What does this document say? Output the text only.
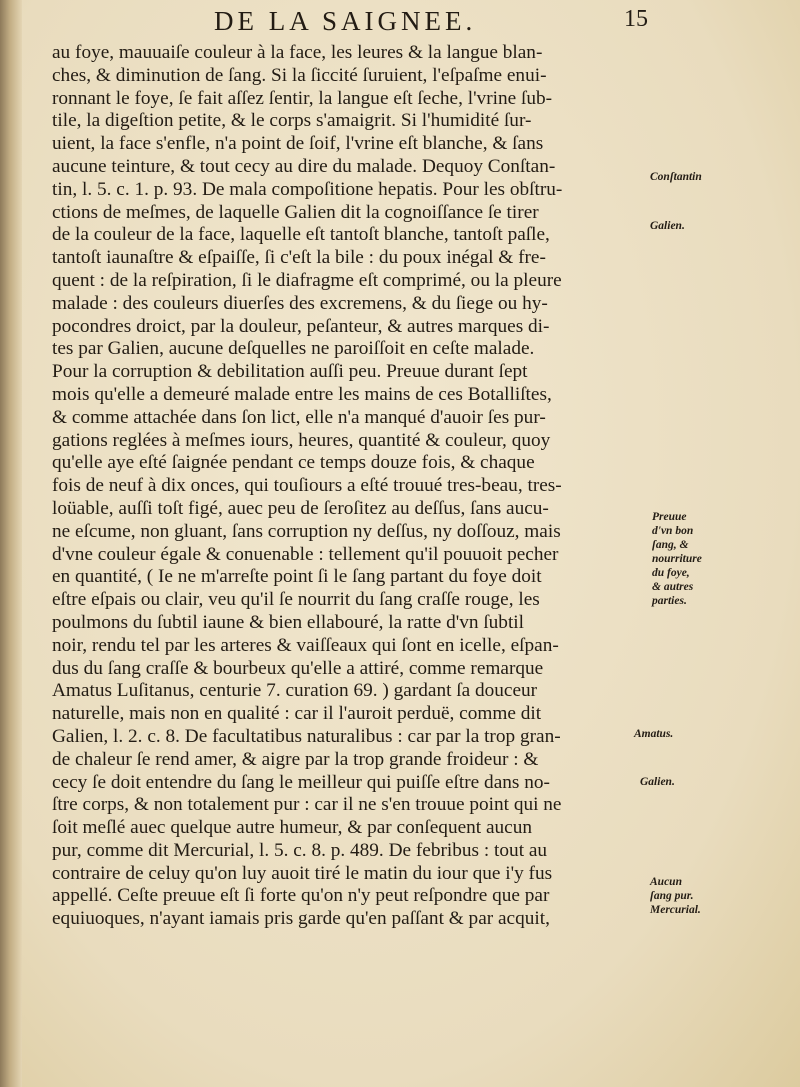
DE LA SAIGNEE.	15
au foye, mauuaiſe couleur à la face, les leures & la langue blan-
ches, & diminution de ſang. Si la ſiccité ſuruient, l'eſpaſme enui-
ronnant le foye, ſe fait aſſez ſentir, la langue eſt ſeche, l'vrine ſub-
tile, la digeſtion petite, & le corps s'amaigrit. Si l'humidité ſur-
uient, la face s'enfle, n'a point de ſoif, l'vrine eſt blanche, & ſans
aucune teinture, & tout cecy au dire du malade. Dequoy Conſtan-
tin, l. 5. c. 1. p. 93. De mala compoſitione hepatis. Pour les obſtru-
ctions de meſmes, de laquelle Galien dit la cognoiſſance ſe tirer
de la couleur de la face, laquelle eſt tantoſt blanche, tantoſt paſle,
tantoſt iaunaſtre & eſpaiſſe, ſi c'eſt la bile : du poux inégal & fre-
quent : de la reſpiration, ſi le diafragme eſt comprimé, ou la pleure
malade : des couleurs diuerſes des excremens, & du ſiege ou hy-
pocondres droict, par la douleur, peſanteur, & autres marques di-
tes par Galien, aucune deſquelles ne paroiſſoit en ceſte malade.
Pour la corruption & debilitation auſſi peu. Preuue durant ſept
mois qu'elle a demeuré malade entre les mains de ces Botalliſtes,
& comme attachée dans ſon lict, elle n'a manqué d'auoir ſes pur-
gations reglées à meſmes iours, heures, quantité & couleur, quoy
qu'elle aye eſté ſaignée pendant ce temps douze fois, & chaque
fois de neuf à dix onces, qui touſiours a eſté trouué tres-beau, tres-
loüable, auſſi toſt figé, auec peu de ſeroſitez au deſſus, ſans aucu-
ne eſcume, non gluant, ſans corruption ny deſſus, ny doſſouz, mais
d'vne couleur égale & conuenable : tellement qu'il pouuoit pecher
en quantité, ( Ie ne m'arreſte point ſi le ſang partant du foye doit
eſtre eſpais ou clair, veu qu'il ſe nourrit du ſang craſſe rouge, les
poulmons du ſubtil iaune & bien ellabouré, la ratte d'vn ſubtil
noir, rendu tel par les arteres & vaiſſeaux qui ſont en icelle, eſpan-
dus du ſang craſſe & bourbeux qu'elle a attiré, comme remarque
Amatus Luſitanus, centurie 7. curation 69. ) gardant ſa douceur
naturelle, mais non en qualité : car il l'auroit perduë, comme dit
Galien, l. 2. c. 8. De facultatibus naturalibus : car par la trop gran-
de chaleur ſe rend amer, & aigre par la trop grande froideur : &
cecy ſe doit entendre du ſang le meilleur qui puiſſe eſtre dans no-
ſtre corps, & non totalement pur : car il ne s'en trouue point qui ne
ſoit meſlé auec quelque autre humeur, & par conſequent aucun
pur, comme dit Mercurial, l. 5. c. 8. p. 489. De febribus : tout au
contraire de celuy qu'on luy auoit tiré le matin du iour que i'y fus
appellé. Ceſte preuue eſt ſi forte qu'on n'y peut reſpondre que par
equiuoques, n'ayant iamais pris garde qu'en paſſant & par acquit,
Conſtantin
Galien.
Preuue
d'vn bon
ſang, &
nourriture
du foye,
& autres
parties.
Amatus.
Galien.
Aucun
ſang pur.
Mercurial.
